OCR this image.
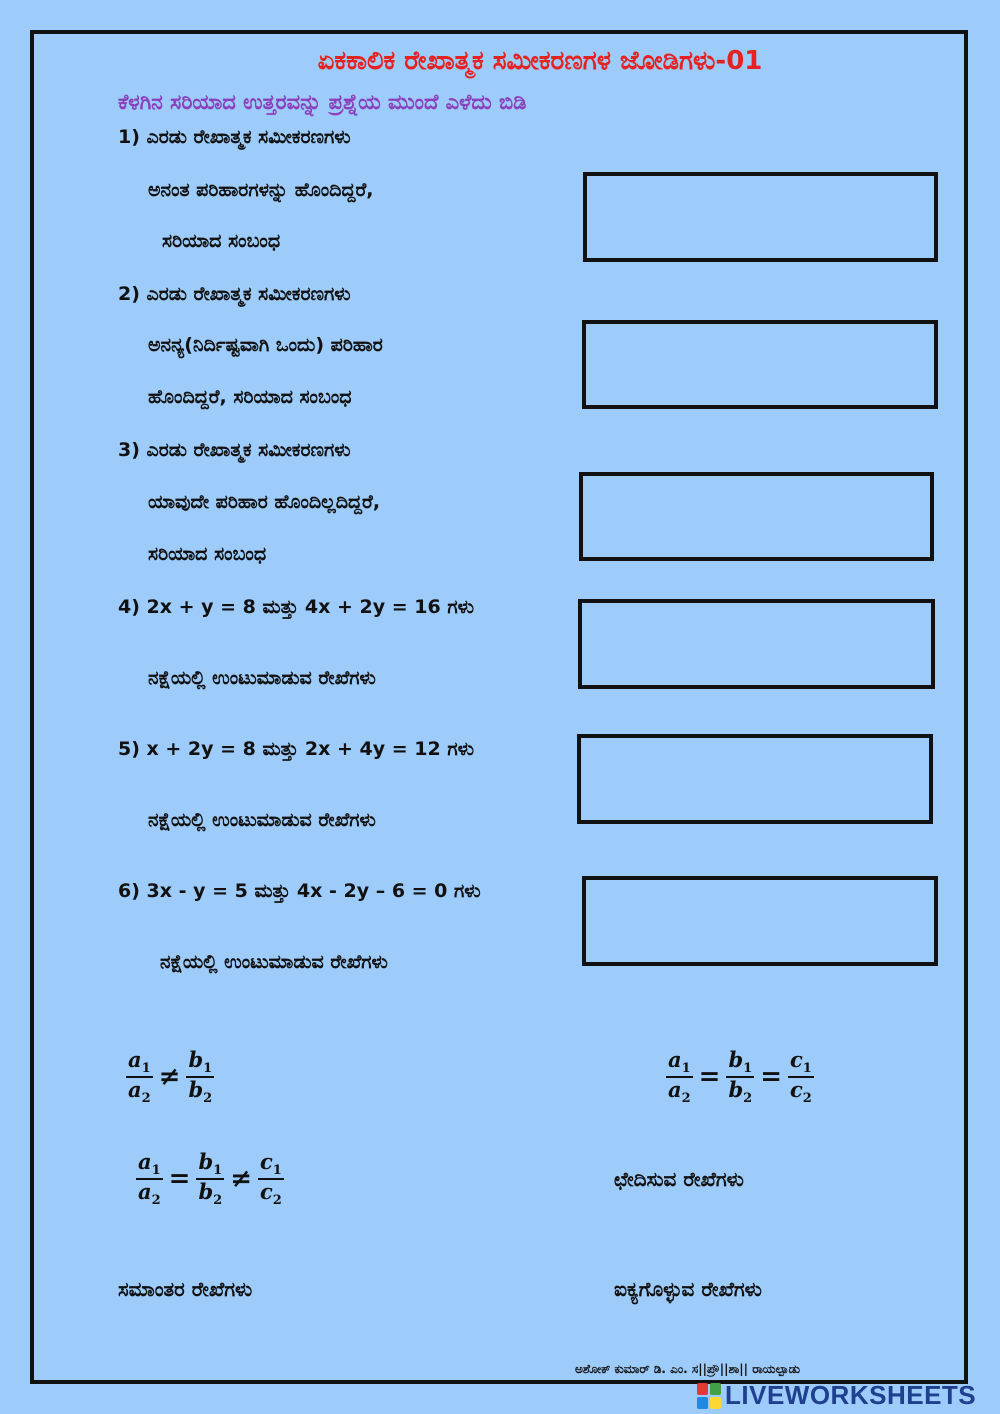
ಏಕಕಾಲಿಕ ರೇಖಾತ್ಮಕ ಸಮೀಕರಣಗಳ ಜೋಡಿಗಳು-01
ಕೆಳಗಿನ ಸರಿಯಾದ ಉತ್ತರವನ್ನು ಪ್ರಶ್ನೆಯ ಮುಂದೆ ಎಳೆದು ಬಿಡಿ
1) ಎರಡು ರೇಖಾತ್ಮಕ ಸಮೀಕರಣಗಳು
ಅನಂತ ಪರಿಹಾರಗಳನ್ನು ಹೊಂದಿದ್ದರೆ,
ಸರಿಯಾದ ಸಂಬಂಧ
2) ಎರಡು ರೇಖಾತ್ಮಕ ಸಮೀಕರಣಗಳು
ಅನನ್ಯ(ನಿರ್ದಿಷ್ಟವಾಗಿ ಒಂದು) ಪರಿಹಾರ
ಹೊಂದಿದ್ದರೆ, ಸರಿಯಾದ ಸಂಬಂಧ
3) ಎರಡು ರೇಖಾತ್ಮಕ ಸಮೀಕರಣಗಳು
ಯಾವುದೇ ಪರಿಹಾರ ಹೊಂದಿಲ್ಲದಿದ್ದರೆ,
ಸರಿಯಾದ ಸಂಬಂಧ
4) 2x + y = 8 ಮತ್ತು 4x + 2y = 16 ಗಳು
ನಕ್ಷೆಯಲ್ಲಿ ಉಂಟುಮಾಡುವ ರೇಖೆಗಳು
5) x + 2y = 8 ಮತ್ತು 2x + 4y = 12 ಗಳು
ನಕ್ಷೆಯಲ್ಲಿ ಉಂಟುಮಾಡುವ ರೇಖೆಗಳು
6) 3x - y = 5 ಮತ್ತು 4x - 2y – 6 = 0 ಗಳು
ನಕ್ಷೆಯಲ್ಲಿ ಉಂಟುಮಾಡುವ ರೇಖೆಗಳು
$\frac{a_1}{a_2} \ne \frac{b_1}{b_2}$	$\frac{a_1}{a_2} = \frac{b_1}{b_2} = \frac{c_1}{c_2}$
$\frac{a_1}{a_2} = \frac{b_1}{b_2} \ne \frac{c_1}{c_2}$	ಛೇದಿಸುವ ರೇಖೆಗಳು
ಸಮಾಂತರ ರೇಖೆಗಳು	ಐಕ್ಯಗೊಳ್ಳುವ ರೇಖೆಗಳು
ಅಶೋಕ್ ಕುಮಾರ್ ಡಿ. ಎಂ. ಸ||ಪ್ರೌ||ಶಾ|| ರಾಯಲ್ಪಾಡು
LIVEWORKSHEETS
